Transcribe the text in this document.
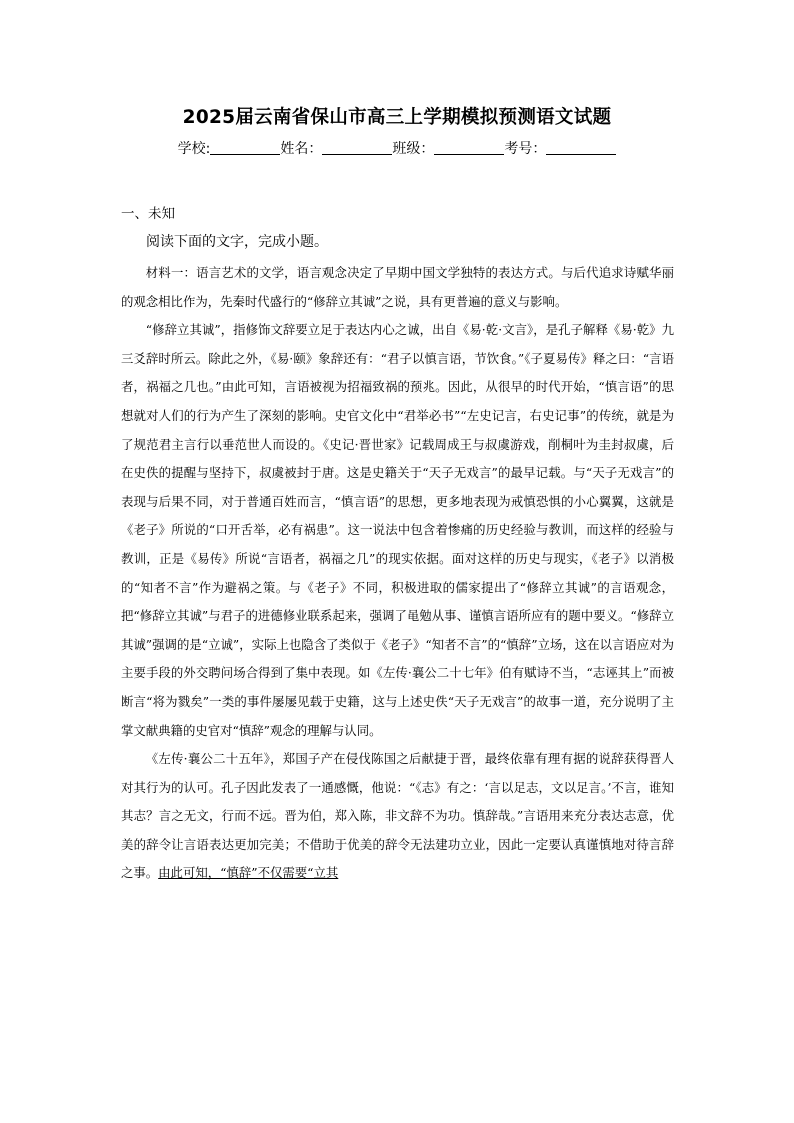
2025届云南省保山市高三上学期模拟预测语文试题
学校:	姓名：	班级：	考号：
一、未知
阅读下面的文字，完成小题。

材料一：语言艺术的文学，语言观念决定了早期中国文学独特的表达方式。与后代追求诗赋华丽的观念相比作为，先秦时代盛行的“修辞立其诚”之说，具有更普遍的意义与影响。

“修辞立其诚”，指修饰文辞要立足于表达内心之诚，出自《易·乾·文言》，是孔子解释《易·乾》九三爻辞时所云。除此之外，《易·颐》象辞还有：“君子以慎言语，节饮食。”《子夏易传》释之曰：“言语者，祸福之几也。”由此可知，言语被视为招福致祸的预兆。因此，从很早的时代开始，“慎言语”的思想就对人们的行为产生了深刻的影响。史官文化中“君举必书”“左史记言，右史记事”的传统，就是为了规范君主言行以垂范世人而设的。《史记·晋世家》记载周成王与叔虞游戏，削桐叶为圭封叔虞，后在史佚的提醒与坚持下，叔虞被封于唐。这是史籍关于“天子无戏言”的最早记载。与“天子无戏言”的表现与后果不同，对于普通百姓而言，“慎言语”的思想，更多地表现为戒慎恐惧的小心翼翼，这就是《老子》所说的“口开舌举，必有祸患”。这一说法中包含着惨痛的历史经验与教训，而这样的经验与教训，正是《易传》所说“言语者，祸福之几”的现实依据。面对这样的历史与现实，《老子》以消极的“知者不言”作为避祸之策。与《老子》不同，积极进取的儒家提出了“修辞立其诚”的言语观念，把“修辞立其诚”与君子的进德修业联系起来，强调了黾勉从事、谨慎言语所应有的题中要义。“修辞立其诚”强调的是“立诚”，实际上也隐含了类似于《老子》“知者不言”的“慎辞”立场，这在以言语应对为主要手段的外交聘问场合得到了集中表现。如《左传·襄公二十七年》伯有赋诗不当，“志诬其上”而被断言“将为戮矣”一类的事件屡屡见载于史籍，这与上述史佚“天子无戏言”的故事一道，充分说明了主掌文献典籍的史官对“慎辞”观念的理解与认同。

《左传·襄公二十五年》，郑国子产在侵伐陈国之后献捷于晋，最终依靠有理有据的说辞获得晋人对其行为的认可。孔子因此发表了一通感慨，他说：“《志》有之：‘言以足志，文以足言。’不言，谁知其志？言之无文，行而不远。晋为伯，郑入陈，非文辞不为功。慎辞哉。”言语用来充分表达志意，优美的辞令让言语表达更加完美；不借助于优美的辞令无法建功立业，因此一定要认真谨慎地对待言辞之事。由此可知，“慎辞”不仅需要“立其
